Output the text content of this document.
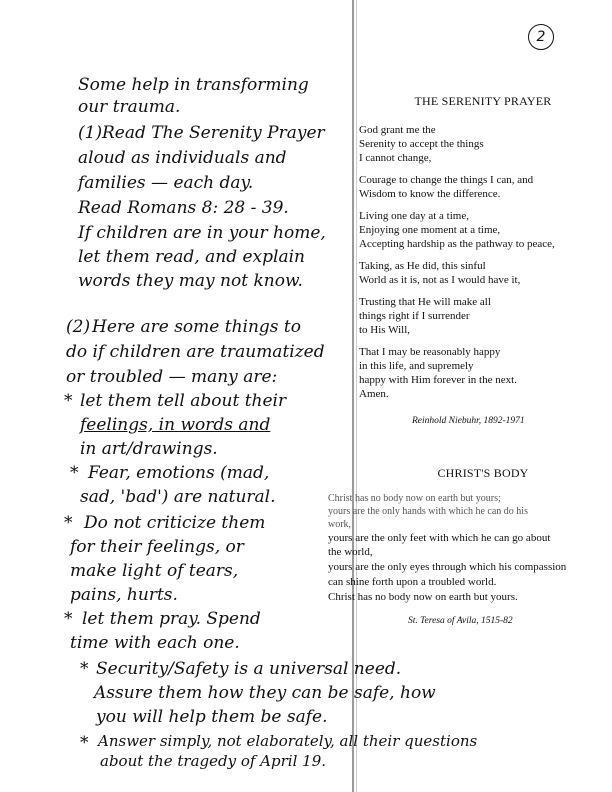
2

Some help in transforming

our trauma.

(1) Read The Serenity Prayer

aloud as individuals and

families — each day.

Read Romans 8: 28 - 39.

If children are in your home,

let them read, and explain

words they may not know.

(2) Here are some things to

do if children are traumatized

or troubled — many are:

* let them tell about their

feelings, in words and

in art/drawings.

* Fear, emotions (mad,

sad, 'bad') are natural.

* Do not criticize them

for their feelings, or

make light of tears,

pains, hurts.

* let them pray. Spend

time with each one.

* Security/Safety is a universal need.

Assure them how they can be safe, how

you will help them be safe.

* Answer simply, not elaborately, all their questions

about the tragedy of April 19.

THE SERENITY PRAYER

God grant me the

Serenity to accept the things

I cannot change,

Courage to change the things I can, and

Wisdom to know the difference.

Living one day at a time,

Enjoying one moment at a time,

Accepting hardship as the pathway to peace,

Taking, as He did, this sinful

World as it is, not as I would have it,

Trusting that He will make all

things right if I surrender

to His Will,

That I may be reasonably happy

in this life, and supremely

happy with Him forever in the next.

Amen.

Reinhold Niebuhr, 1892-1971

CHRIST'S BODY

Christ has no body now on earth but yours;

yours are the only hands with which he can do his

work,

yours are the only feet with which he can go about

the world,

yours are the only eyes through which his compassion

can shine forth upon a troubled world.

Christ has no body now on earth but yours.

St. Teresa of Avila, 1515-82
